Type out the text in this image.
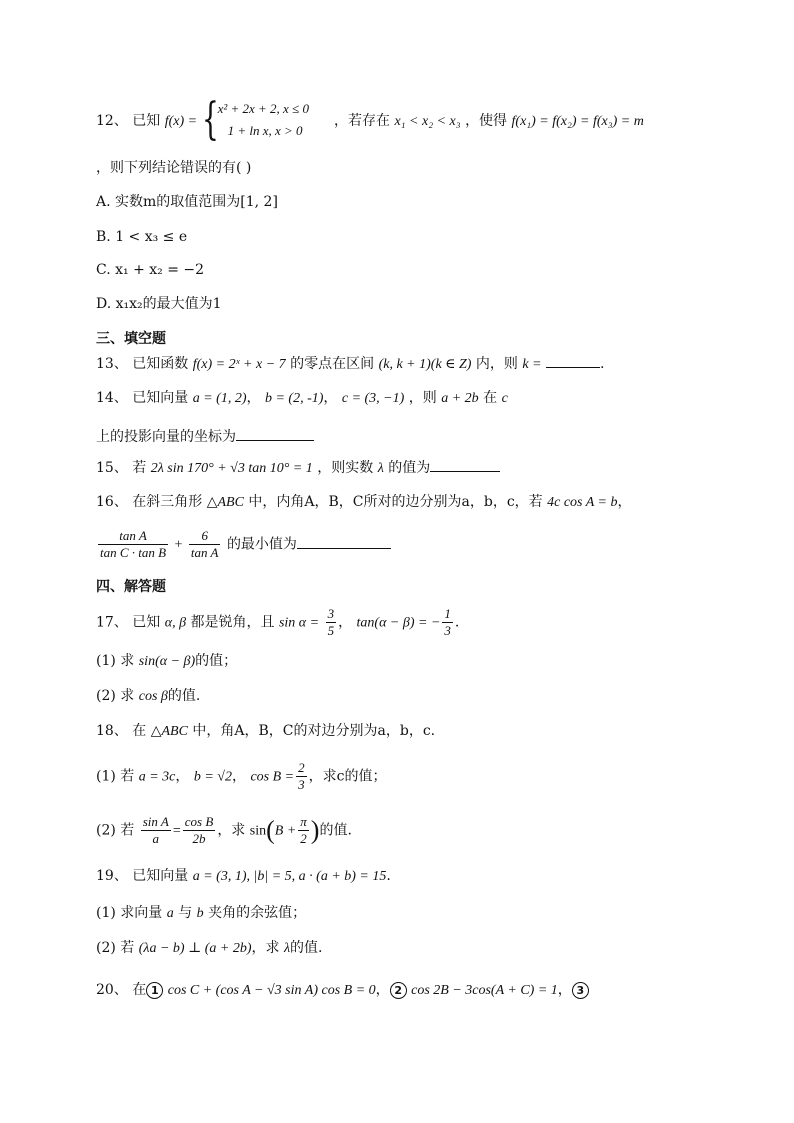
12、 已知 f(x) = { x² + 2x + 2, x ≤ 0
1 + ln x, x > 0
，若存在 x₁ < x₂ < x₃ ，使得 f(x₁) = f(x₂) = f(x₃) = m
，则下列结论错误的有( )
A. 实数m的取值范围为[1, 2]
B. 1 < x₃ ≤ e
C. x₁ + x₂ = −2
D. x₁x₂的最大值为1
三、填空题
13、 已知函数 f(x) = 2ˣ + x − 7 的零点在区间 (k, k + 1)(k ∈ Z) 内，则 k =	.
14、 已知向量 a = (1, 2)， b = (2, -1)， c = (3, −1) ，则 a + 2b 在 c
上的投影向量的坐标为
15、 若 2λ sin 170° + √3 tan 10° = 1 ，则实数 λ 的值为
16、 在斜三角形 △ABC 中，内角A，B，C所对的边分别为a，b，c，若 4c cos A = b，
$\frac{\text{tan A}}{\text{tan C · tan B}} + \frac{6}{\text{tan A}}$ 的最小值为
四、解答题
17、 已知 α, β 都是锐角，且 $\sin \alpha = \frac{3}{5}$ ， tan(α − β) = − $\frac{1}{3}$ .
(1) 求 sin(α − β)的值；
(2) 求 cos β的值.
18、 在 △ABC 中，角A，B，C的对边分别为a，b，c.
(1) 若 a = 3c， b = √2， $\cos B = \frac{2}{3}$ ，求c的值；
(2) 若 $\frac{\text{sin A}}{a} = \frac{\text{cos B}}{2b}$ ，求 $\sin(B + \frac{\pi}{2}$ )的值.
19、 已知向量 a = (3, 1), |b| = 5, a · (a + b) = 15.
(1) 求向量 a 与 b 夹角的余弦值；
(2) 若 (λa − b) ⊥ (a + 2b)，求 λ的值.
20、 在 1 cos C + (cos A − √3 sin A) cos B = 0， 2 cos 2B − 3cos(A + C) = 1， 3
